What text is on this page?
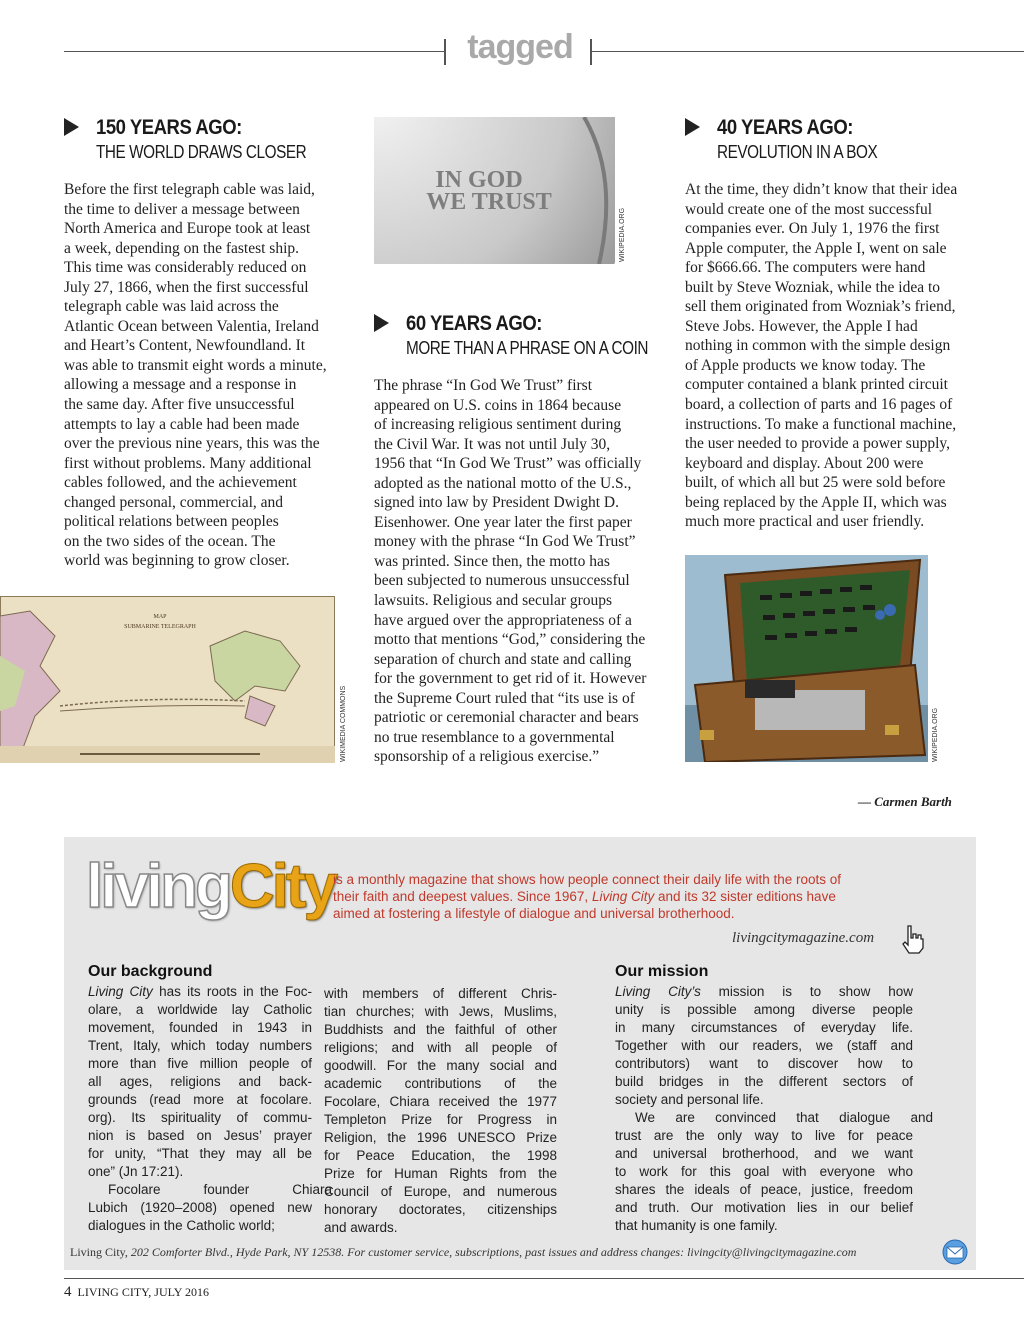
tagged
150 YEARS AGO:
THE WORLD DRAWS CLOSER
Before the first telegraph cable was laid,
the time to deliver a message between
North America and Europe took at least
a week, depending on the fastest ship.
This time was considerably reduced on
July 27, 1866, when the first successful
telegraph cable was laid across the
Atlantic Ocean between Valentia, Ireland
and Heart’s Content, Newfoundland. It
was able to transmit eight words a minute,
allowing a message and a response in
the same day. After five unsuccessful
attempts to lay a cable had been made
over the previous nine years, this was the
first without problems. Many additional
cables followed, and the achievement
changed personal, commercial, and
political relations between peoples
on the two sides of the ocean. The
world was beginning to grow closer.
MAP
SUBMARINE TELEGRAPH
WIKIMEDIA COMMONS
IN GOD
WE TRUST
WIKIPEDIA.ORG
60 YEARS AGO:
MORE THAN A PHRASE ON A COIN
The phrase “In God We Trust” first
appeared on U.S. coins in 1864 because
of increasing religious sentiment during
the Civil War. It was not until July 30,
1956 that “In God We Trust” was officially
adopted as the national motto of the U.S.,
signed into law by President Dwight D.
Eisenhower. One year later the first paper
money with the phrase “In God We Trust”
was printed. Since then, the motto has
been subjected to numerous unsuccessful
lawsuits. Religious and secular groups
have argued over the appropriateness of a
motto that mentions “God,” considering the
separation of church and state and calling
for the government to get rid of it. However
the Supreme Court ruled that “its use is of
patriotic or ceremonial character and bears
no true resemblance to a governmental
sponsorship of a religious exercise.”
40 YEARS AGO:
REVOLUTION IN A BOX
At the time, they didn’t know that their idea
would create one of the most successful
companies ever. On July 1, 1976 the first
Apple computer, the Apple I, went on sale
for $666.66. The computers were hand
built by Steve Wozniak, while the idea to
sell them originated from Wozniak’s friend,
Steve Jobs. However, the Apple I had
nothing in common with the simple design
of Apple products we know today. The
computer contained a blank printed circuit
board, a collection of parts and 16 pages of
instructions. To make a functional machine,
the user needed to provide a power supply,
keyboard and display. About 200 were
built, of which all but 25 were sold before
being replaced by the Apple II, which was
much more practical and user friendly.
WIKIPEDIA.ORG
— Carmen Barth
livingCity
is a monthly magazine that shows how people connect their daily life with the roots of
their faith and deepest values. Since 1967, Living City and its 32 sister editions have
aimed at fostering a lifestyle of dialogue and universal brotherhood.
livingcitymagazine.com
Our background
Living City has its roots in the Foc-
olare, a worldwide lay Catholic
movement, founded in 1943 in
Trent, Italy, which today numbers
more than five million people of
all ages, religions and back-
grounds (read more at focolare.
org). Its spirituality of commu-
nion is based on Jesus’ prayer
for unity, “That they may all be
one” (Jn 17:21).
Focolare founder Chiara
Lubich (1920–2008) opened new
dialogues in the Catholic world;
with members of different Chris-
tian churches; with Jews, Muslims,
Buddhists and the faithful of other
religions; and with all people of
goodwill. For the many social and
academic contributions of the
Focolare, Chiara received the 1977
Templeton Prize for Progress in
Religion, the 1996 UNESCO Prize
for Peace Education, the 1998
Prize for Human Rights from the
Council of Europe, and numerous
honorary doctorates, citizenships
and awards.
Our mission
Living City’s mission is to show how
unity is possible among diverse people
in many circumstances of everyday life.
Together with our readers, we (staff and
contributors) want to discover how to
build bridges in the different sectors of
society and personal life.
We are convinced that dialogue and
trust are the only way to live for peace
and universal brotherhood, and we want
to work for this goal with everyone who
shares the ideals of peace, justice, freedom
and truth. Our motivation lies in our belief
that humanity is one family.
Living City, 202 Comforter Blvd., Hyde Park, NY 12538. For customer service, subscriptions, past issues and address changes: livingcity@livingcitymagazine.com
4 LIVING CITY, JULY 2016
